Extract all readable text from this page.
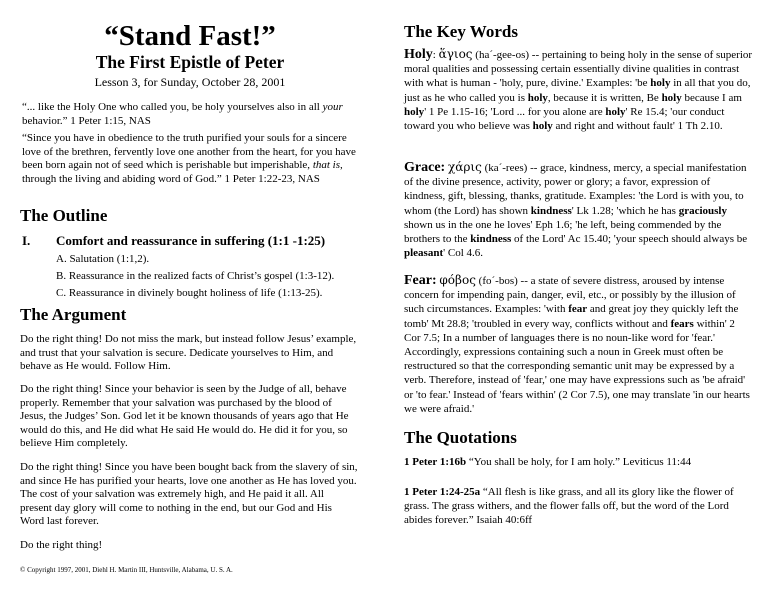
“Stand Fast!”
The First Epistle of Peter
Lesson 3, for Sunday, October 28, 2001

“... like the Holy One who called you, be holy yourselves also in all your behavior.” 1 Peter 1:15, NAS

“Since you have in obedience to the truth purified your souls for a sincere love of the brethren, fervently love one another from the heart, for you have been born again not of seed which is perishable but imperishable, that is, through the living and abiding word of God.” 1 Peter 1:22-23, NAS

The Outline
I. Comfort and reassurance in suffering (1:1 -1:25)
A. Salutation (1:1,2).
B. Reassurance in the realized facts of Christ’s gospel (1:3-12).
C. Reassurance in divinely bought holiness of life (1:13-25).
The Argument

Do the right thing! Do not miss the mark, but instead follow Jesus’ example, and trust that your salvation is secure. Dedicate yourselves to Him, and behave as He would. Follow Him.

Do the right thing! Since your behavior is seen by the Judge of all, behave properly. Remember that your salvation was purchased by the blood of Jesus, the Judges’ Son. God let it be known thousands of years ago that He would do this, and He did what He said He would do. He did it for you, so believe Him completely.

Do the right thing! Since you have been bought back from the slavery of sin, and since He has purified your hearts, love one another as He has loved you. The cost of your salvation was extremely high, and He paid it all. All present day glory will come to nothing in the end, but our God and His Word last forever.

Do the right thing!

© Copyright 1997, 2001, Diehl H. Martin III, Huntsville, Alabama, U. S. A.
The Key Words

Holy: ἅγιος (ha´-gee-os) -- pertaining to being holy in the sense of superior moral qualities and possessing certain essentially divine qualities in contrast with what is human - 'holy, pure, divine.' Examples: 'be holy in all that you do, just as he who called you is holy, because it is written, Be holy because I am holy' 1 Pe 1.15-16; 'Lord ... for you alone are holy' Re 15.4; 'our conduct toward you who believe was holy and right and without fault' 1 Th 2.10.

Grace: χάρις (ka´-rees) -- grace, kindness, mercy, a special manifestation of the divine presence, activity, power or glory; a favor, expression of kindness, gift, blessing, thanks, gratitude. Examples: 'the Lord is with you, to whom (the Lord) has shown kindness' Lk 1.28; 'which he has graciously shown us in the one he loves' Eph 1.6; 'he left, being commended by the brothers to the kindness of the Lord' Ac 15.40; 'your speech should always be pleasant' Col 4.6.

Fear: φόβος (fo´-bos) -- a state of severe distress, aroused by intense concern for impending pain, danger, evil, etc., or possibly by the illusion of such circumstances. Examples: 'with fear and great joy they quickly left the tomb' Mt 28.8; 'troubled in every way, conflicts without and fears within' 2 Cor 7.5; In a number of languages there is no noun-like word for 'fear.' Accordingly, expressions containing such a noun in Greek must often be restructured so that the corresponding semantic unit may be expressed by a verb. Therefore, instead of 'fear,' one may have expressions such as 'be afraid' or 'to fear.' Instead of 'fears within' (2 Cor 7.5), one may translate 'in our hearts we were afraid.'

The Quotations

1 Peter 1:16b “You shall be holy, for I am holy.” Leviticus 11:44

1 Peter 1:24-25a “All flesh is like grass, and all its glory like the flower of grass. The grass withers, and the flower falls off, but the word of the Lord abides forever.” Isaiah 40:6ff
